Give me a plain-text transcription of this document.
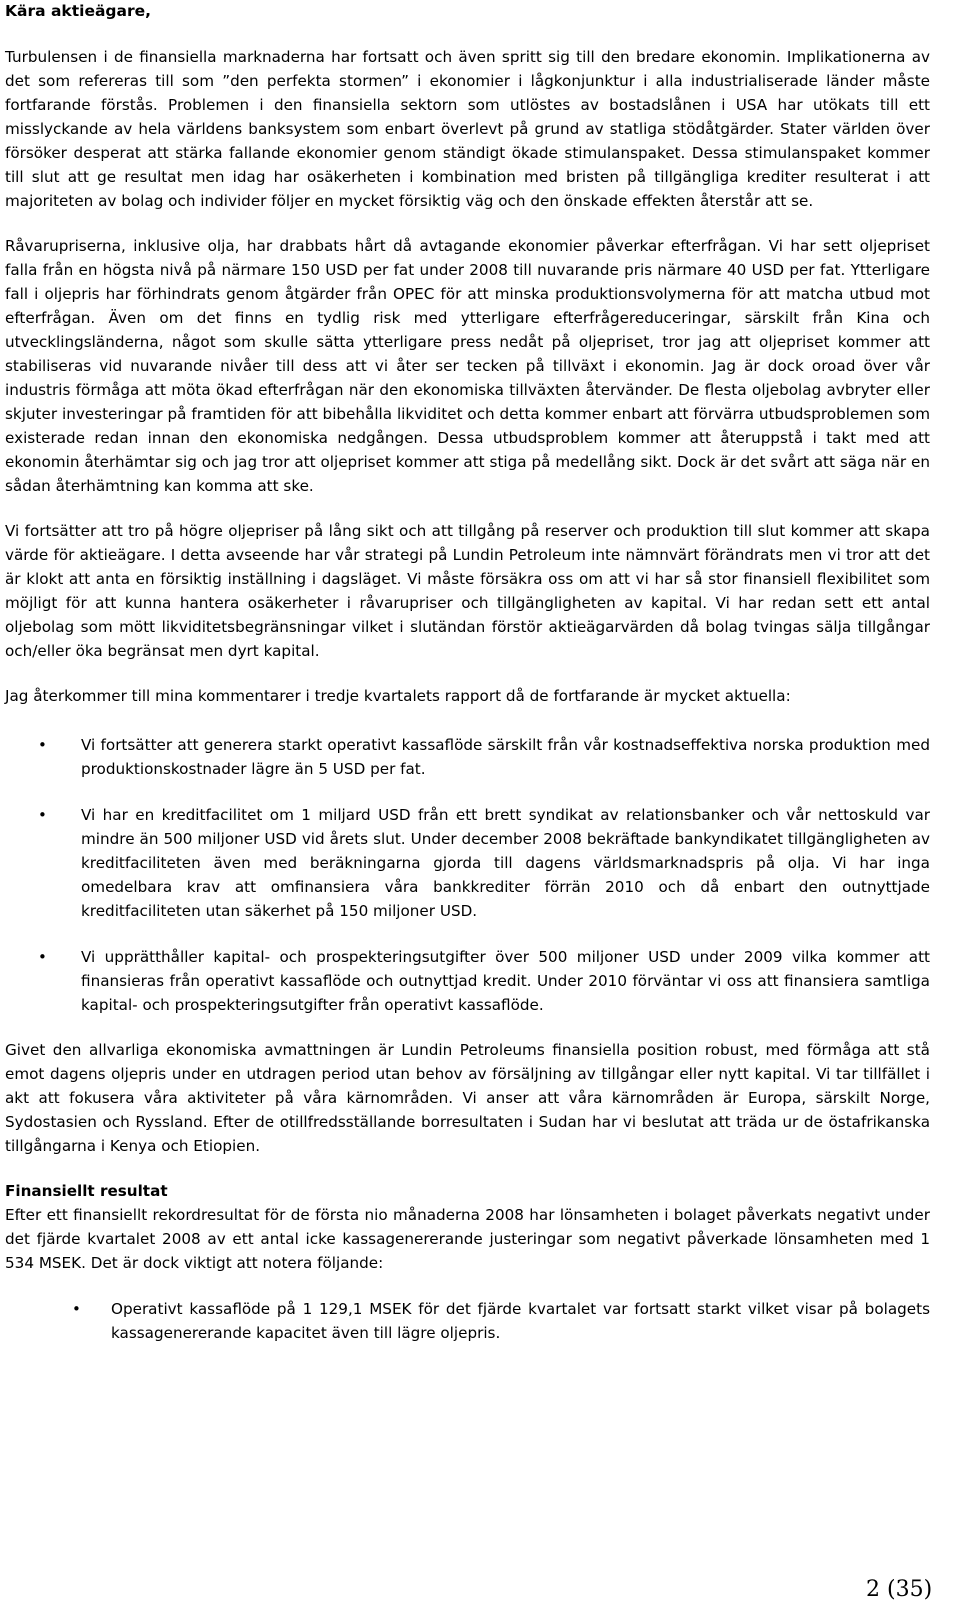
Kära aktieägare,

Turbulensen i de finansiella marknaderna har fortsatt och även spritt sig till den bredare ekonomin. Implikationerna av det som refereras till som ”den perfekta stormen” i ekonomier i lågkonjunktur i alla industrialiserade länder måste fortfarande förstås. Problemen i den finansiella sektorn som utlöstes av bostadslånen i USA har utökats till ett misslyckande av hela världens banksystem som enbart överlevt på grund av statliga stödåtgärder. Stater världen över försöker desperat att stärka fallande ekonomier genom ständigt ökade stimulanspaket. Dessa stimulanspaket kommer till slut att ge resultat men idag har osäkerheten i kombination med bristen på tillgängliga krediter resulterat i att majoriteten av bolag och individer följer en mycket försiktig väg och den önskade effekten återstår att se.

Råvarupriserna, inklusive olja, har drabbats hårt då avtagande ekonomier påverkar efterfrågan. Vi har sett oljepriset falla från en högsta nivå på närmare 150 USD per fat under 2008 till nuvarande pris närmare 40 USD per fat. Ytterligare fall i oljepris har förhindrats genom åtgärder från OPEC för att minska produktionsvolymerna för att matcha utbud mot efterfrågan. Även om det finns en tydlig risk med ytterligare efterfrågereduceringar, särskilt från Kina och utvecklingsländerna, något som skulle sätta ytterligare press nedåt på oljepriset, tror jag att oljepriset kommer att stabiliseras vid nuvarande nivåer till dess att vi åter ser tecken på tillväxt i ekonomin. Jag är dock oroad över vår industris förmåga att möta ökad efterfrågan när den ekonomiska tillväxten återvänder. De flesta oljebolag avbryter eller skjuter investeringar på framtiden för att bibehålla likviditet och detta kommer enbart att förvärra utbudsproblemen som existerade redan innan den ekonomiska nedgången. Dessa utbudsproblem kommer att återuppstå i takt med att ekonomin återhämtar sig och jag tror att oljepriset kommer att stiga på medellång sikt. Dock är det svårt att säga när en sådan återhämtning kan komma att ske.

Vi fortsätter att tro på högre oljepriser på lång sikt och att tillgång på reserver och produktion till slut kommer att skapa värde för aktieägare. I detta avseende har vår strategi på Lundin Petroleum inte nämnvärt förändrats men vi tror att det är klokt att anta en försiktig inställning i dagsläget. Vi måste försäkra oss om att vi har så stor finansiell flexibilitet som möjligt för att kunna hantera osäkerheter i råvarupriser och tillgängligheten av kapital. Vi har redan sett ett antal oljebolag som mött likviditetsbegränsningar vilket i slutändan förstör aktieägarvärden då bolag tvingas sälja tillgångar och/eller öka begränsat men dyrt kapital.

Jag återkommer till mina kommentarer i tredje kvartalets rapport då de fortfarande är mycket aktuella:

• Vi fortsätter att generera starkt operativt kassaflöde särskilt från vår kostnadseffektiva norska produktion med produktionskostnader lägre än 5 USD per fat.
• Vi har en kreditfacilitet om 1 miljard USD från ett brett syndikat av relationsbanker och vår nettoskuld var mindre än 500 miljoner USD vid årets slut. Under december 2008 bekräftade bankyndikatet tillgängligheten av kreditfaciliteten även med beräkningarna gjorda till dagens världsmarknadspris på olja. Vi har inga omedelbara krav att omfinansiera våra bankkrediter förrän 2010 och då enbart den outnyttjade kreditfaciliteten utan säkerhet på 150 miljoner USD.
• Vi upprätthåller kapital- och prospekteringsutgifter över 500 miljoner USD under 2009 vilka kommer att finansieras från operativt kassaflöde och outnyttjad kredit. Under 2010 förväntar vi oss att finansiera samtliga kapital- och prospekteringsutgifter från operativt kassaflöde.

Givet den allvarliga ekonomiska avmattningen är Lundin Petroleums finansiella position robust, med förmåga att stå emot dagens oljepris under en utdragen period utan behov av försäljning av tillgångar eller nytt kapital. Vi tar tillfället i akt att fokusera våra aktiviteter på våra kärnområden. Vi anser att våra kärnområden är Europa, särskilt Norge, Sydostasien och Ryssland. Efter de otillfredsställande borresultaten i Sudan har vi beslutat att träda ur de östafrikanska tillgångarna i Kenya och Etiopien.

Finansiellt resultat

Efter ett finansiellt rekordresultat för de första nio månaderna 2008 har lönsamheten i bolaget påverkats negativt under det fjärde kvartalet 2008 av ett antal icke kassagenererande justeringar som negativt påverkade lönsamheten med 1 534 MSEK. Det är dock viktigt att notera följande:

• Operativt kassaflöde på 1 129,1 MSEK för det fjärde kvartalet var fortsatt starkt vilket visar på bolagets kassagenererande kapacitet även till lägre oljepris.
2 (35)
